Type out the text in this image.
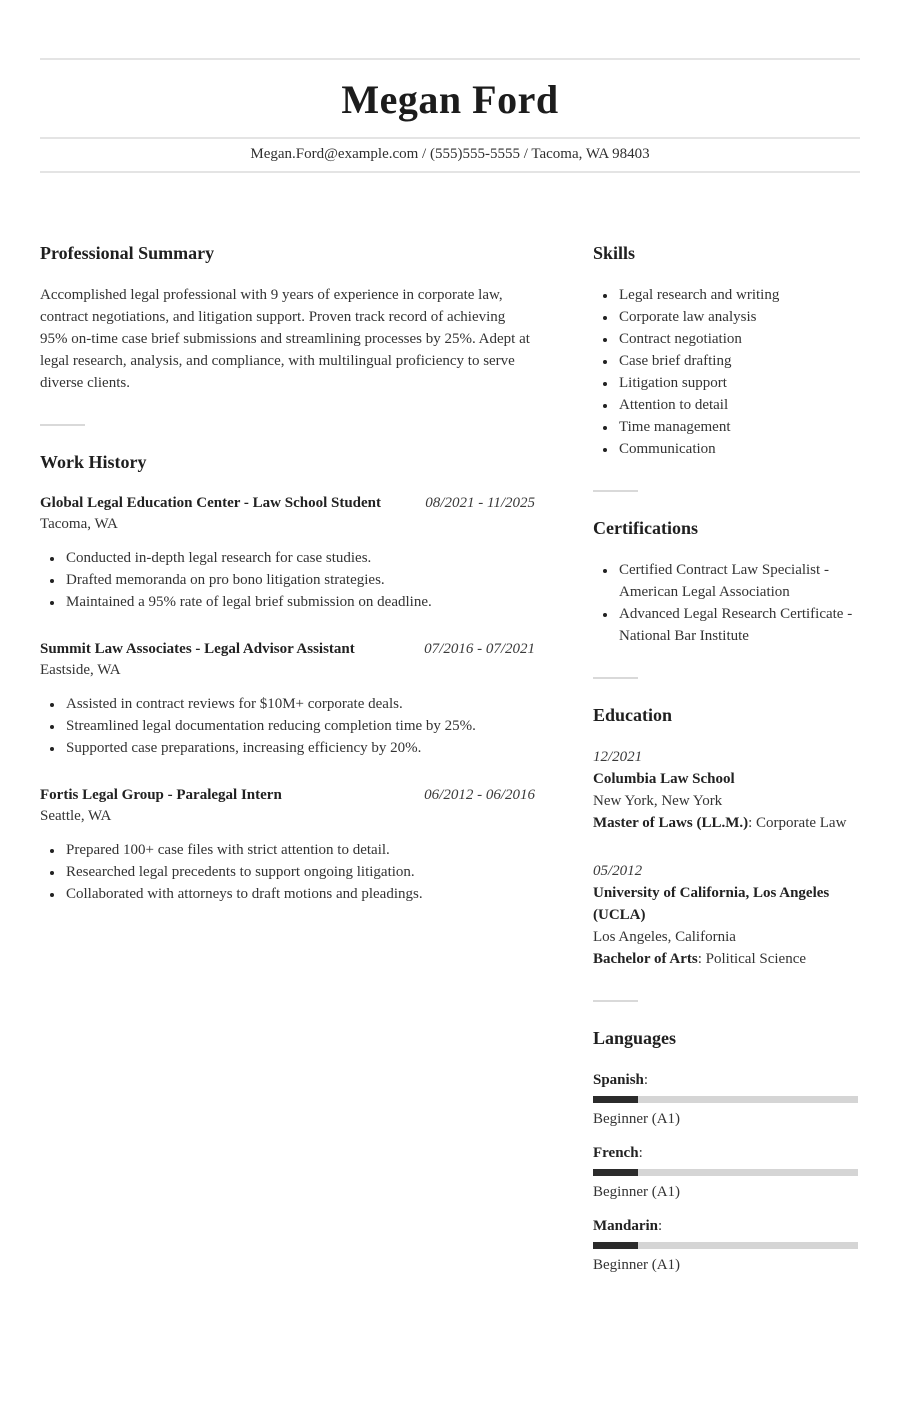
Megan Ford
Megan.Ford@example.com / (555)555-5555 / Tacoma, WA 98403
Professional Summary

Accomplished legal professional with 9 years of experience in corporate law, contract negotiations, and litigation support. Proven track record of achieving 95% on-time case brief submissions and streamlining processes by 25%. Adept at legal research, analysis, and compliance, with multilingual proficiency to serve diverse clients.

Work History
Global Legal Education Center - Law School Student	08/2021 - 11/2025
Tacoma, WA
• Conducted in-depth legal research for case studies.
• Drafted memoranda on pro bono litigation strategies.
• Maintained a 95% rate of legal brief submission on deadline.
Summit Law Associates - Legal Advisor Assistant	07/2016 - 07/2021
Eastside, WA
• Assisted in contract reviews for $10M+ corporate deals.
• Streamlined legal documentation reducing completion time by 25%.
• Supported case preparations, increasing efficiency by 20%.
Fortis Legal Group - Paralegal Intern	06/2012 - 06/2016
Seattle, WA
• Prepared 100+ case files with strict attention to detail.
• Researched legal precedents to support ongoing litigation.
• Collaborated with attorneys to draft motions and pleadings.
Skills
• Legal research and writing
• Corporate law analysis
• Contract negotiation
• Case brief drafting
• Litigation support
• Attention to detail
• Time management
• Communication
Certifications
• Certified Contract Law Specialist - American Legal Association
• Advanced Legal Research Certificate - National Bar Institute
Education
12/2021
Columbia Law School
New York, New York
Master of Laws (LL.M.): Corporate Law
05/2012
University of California, Los Angeles (UCLA)
Los Angeles, California
Bachelor of Arts: Political Science
Languages
Spanish:
Beginner (A1)
French:
Beginner (A1)
Mandarin:
Beginner (A1)
